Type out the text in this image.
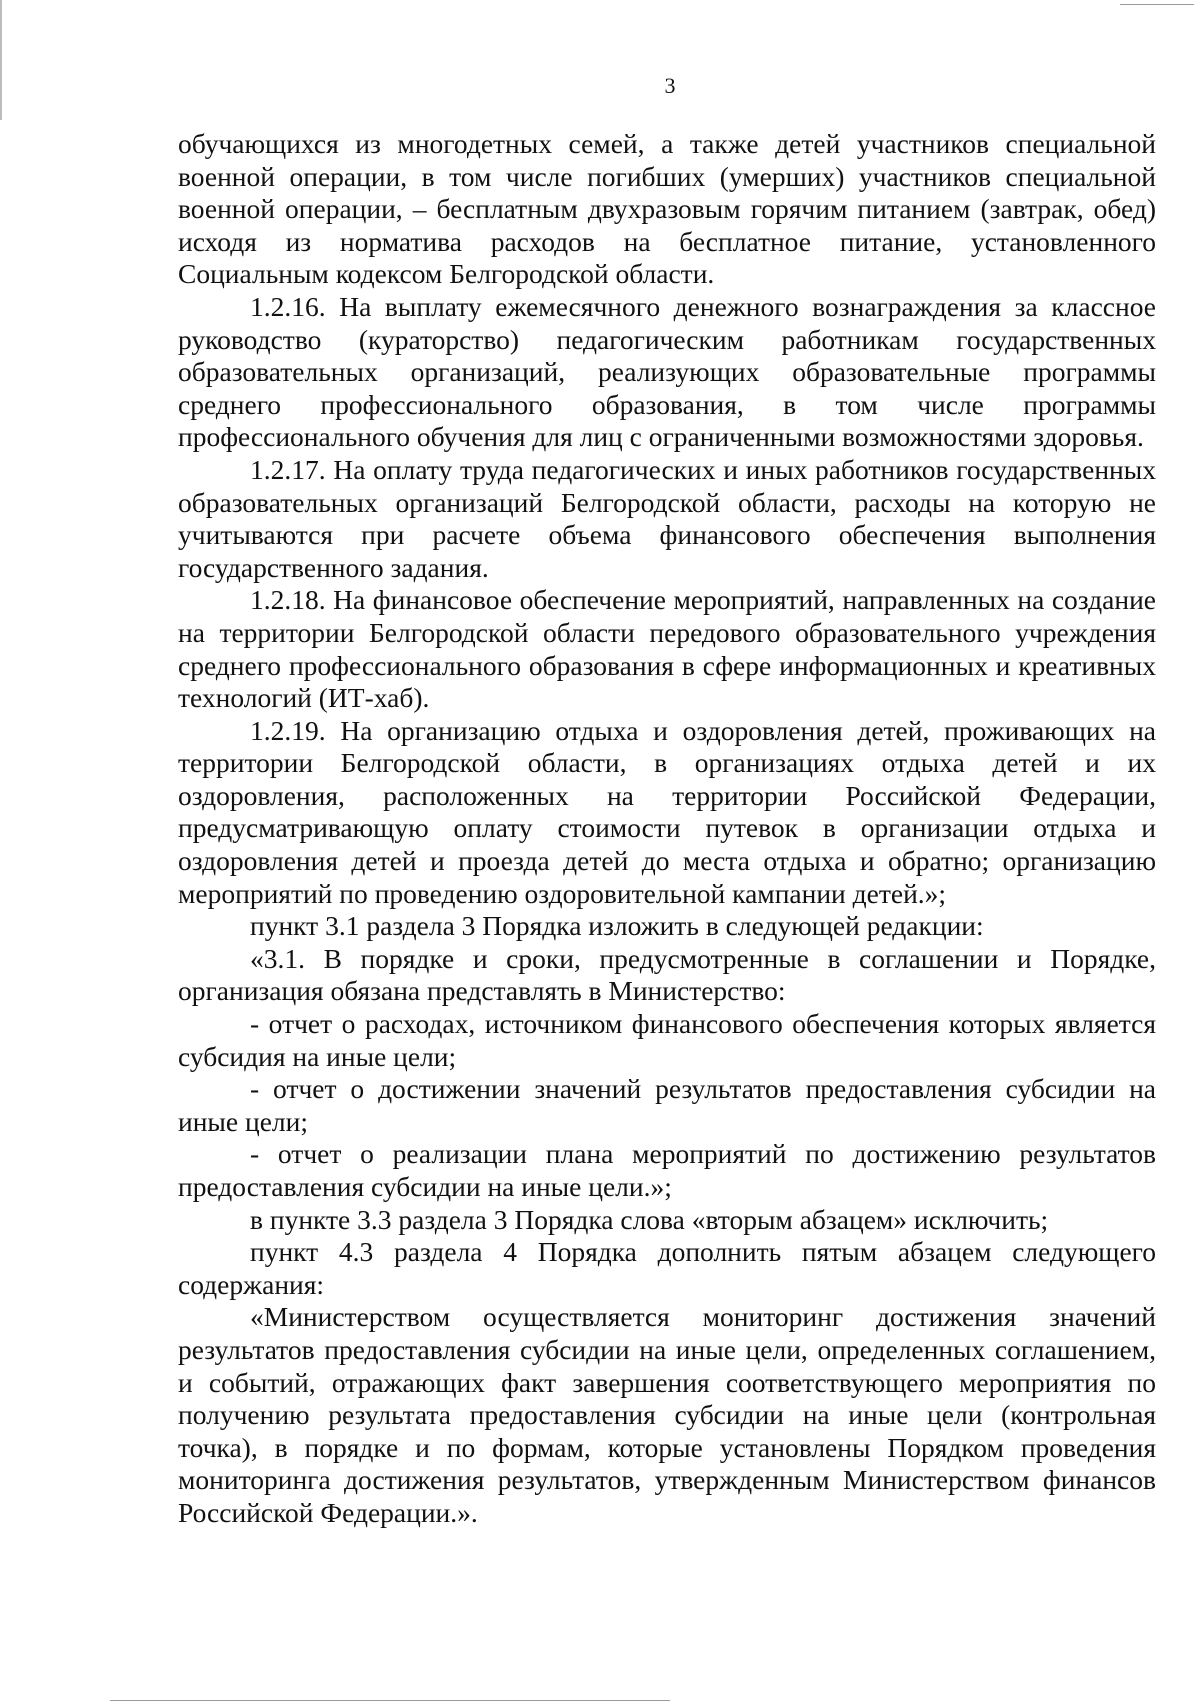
3

обучающихся из многодетных семей, а также детей участников специальной военной операции, в том числе погибших (умерших) участников специальной военной операции, – бесплатным двухразовым горячим питанием (завтрак, обед) исходя из норматива расходов на бесплатное питание, установленного Социальным кодексом Белгородской области.

1.2.16. На выплату ежемесячного денежного вознаграждения за классное руководство (кураторство) педагогическим работникам государственных образовательных организаций, реализующих образовательные программы среднего профессионального образования, в том числе программы профессионального обучения для лиц с ограниченными возможностями здоровья.

1.2.17. На оплату труда педагогических и иных работников государственных образовательных организаций Белгородской области, расходы на которую не учитываются при расчете объема финансового обеспечения выполнения государственного задания.

1.2.18. На финансовое обеспечение мероприятий, направленных на создание на территории Белгородской области передового образовательного учреждения среднего профессионального образования в сфере информационных и креативных технологий (ИТ-хаб).

1.2.19. На организацию отдыха и оздоровления детей, проживающих на территории Белгородской области, в организациях отдыха детей и их оздоровления, расположенных на территории Российской Федерации, предусматривающую оплату стоимости путевок в организации отдыха и оздоровления детей и проезда детей до места отдыха и обратно; организацию мероприятий по проведению оздоровительной кампании детей.»;

пункт 3.1 раздела 3 Порядка изложить в следующей редакции:

«3.1. В порядке и сроки, предусмотренные в соглашении и Порядке, организация обязана представлять в Министерство:

- отчет о расходах, источником финансового обеспечения которых является субсидия на иные цели;

- отчет о достижении значений результатов предоставления субсидии на иные цели;

- отчет о реализации плана мероприятий по достижению результатов предоставления субсидии на иные цели.»;

в пункте 3.3 раздела 3 Порядка слова «вторым абзацем» исключить;

пункт 4.3 раздела 4 Порядка дополнить пятым абзацем следующего содержания:

«Министерством осуществляется мониторинг достижения значений результатов предоставления субсидии на иные цели, определенных соглашением, и событий, отражающих факт завершения соответствующего мероприятия по получению результата предоставления субсидии на иные цели (контрольная точка), в порядке и по формам, которые установлены Порядком проведения мониторинга достижения результатов, утвержденным Министерством финансов Российской Федерации.».
